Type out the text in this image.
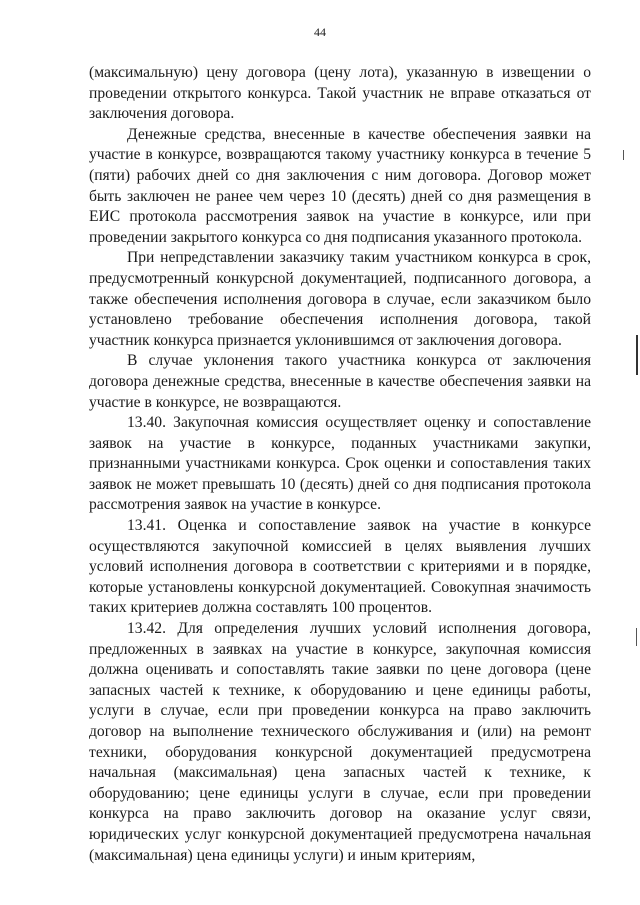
44

(максимальную) цену договора (цену лота), указанную в извещении о проведении открытого конкурса. Такой участник не вправе отказаться от заключения договора.

Денежные средства, внесенные в качестве обеспечения заявки на участие в конкурсе, возвращаются такому участнику конкурса в течение 5 (пяти) рабочих дней со дня заключения с ним договора. Договор может быть заключен не ранее чем через 10 (десять) дней со дня размещения в ЕИС протокола рассмотрения заявок на участие в конкурсе, или при проведении закрытого конкурса со дня подписания указанного протокола.

При непредставлении заказчику таким участником конкурса в срок, предусмотренный конкурсной документацией, подписанного договора, а также обеспечения исполнения договора в случае, если заказчиком было установлено требование обеспечения исполнения договора, такой участник конкурса признается уклонившимся от заключения договора.

В случае уклонения такого участника конкурса от заключения договора денежные средства, внесенные в качестве обеспечения заявки на участие в конкурсе, не возвращаются.

13.40. Закупочная комиссия осуществляет оценку и сопоставление заявок на участие в конкурсе, поданных участниками закупки, признанными участниками конкурса. Срок оценки и сопоставления таких заявок не может превышать 10 (десять) дней со дня подписания протокола рассмотрения заявок на участие в конкурсе.

13.41. Оценка и сопоставление заявок на участие в конкурсе осуществляются закупочной комиссией в целях выявления лучших условий исполнения договора в соответствии с критериями и в порядке, которые установлены конкурсной документацией. Совокупная значимость таких критериев должна составлять 100 процентов.

13.42. Для определения лучших условий исполнения договора, предложенных в заявках на участие в конкурсе, закупочная комиссия должна оценивать и сопоставлять такие заявки по цене договора (цене запасных частей к технике, к оборудованию и цене единицы работы, услуги в случае, если при проведении конкурса на право заключить договор на выполнение технического обслуживания и (или) на ремонт техники, оборудования конкурсной документацией предусмотрена начальная (максимальная) цена запасных частей к технике, к оборудованию; цене единицы услуги в случае, если при проведении конкурса на право заключить договор на оказание услуг связи, юридических услуг конкурсной документацией предусмотрена начальная (максимальная) цена единицы услуги) и иным критериям,
